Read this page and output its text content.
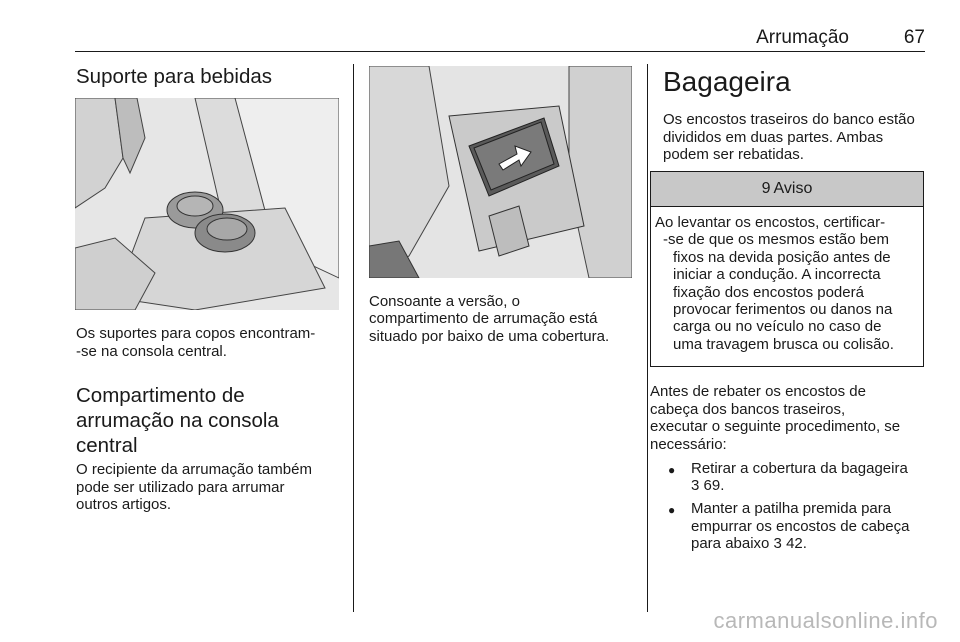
Arrumação	67
Suporte para bebidas

Os suportes para copos encontram-

-se na consola central.

Compartimento de
arrumação na consola
central

O recipiente da arrumação também

pode ser utilizado para arrumar

outros artigos.

Consoante a versão, o

compartimento de arrumação está

situado por baixo de uma cobertura.

Bagageira

Os encostos traseiros do banco estão

divididos em duas partes. Ambas

podem ser rebatidas.

9 Aviso
Ao levantar os encostos, certificar-
-se de que os mesmos estão bem
fixos na devida posição antes de
iniciar a condução. A incorrecta
fixação dos encostos poderá
provocar ferimentos ou danos na
carga ou no veículo no caso de
uma travagem brusca ou colisão.

Antes de rebater os encostos de

cabeça dos bancos traseiros,

executar o seguinte procedimento, se

necessário:

● Retirar a cobertura da bagageira

3 69.

● Manter a patilha premida para

empurrar os encostos de cabeça

para abaixo 3 42.

carmanualsonline.info
